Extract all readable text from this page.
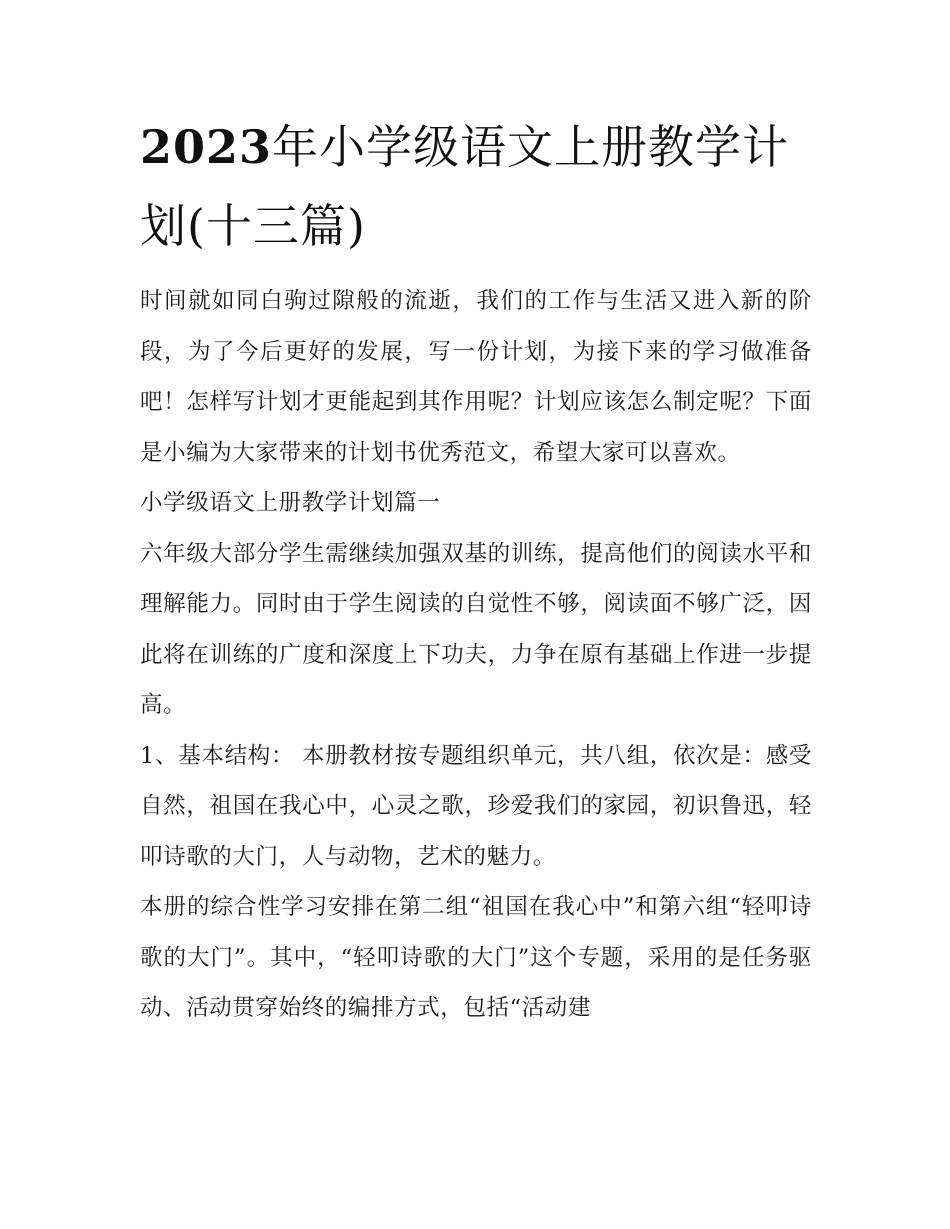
2023年小学级语文上册教学计划(十三篇)

时间就如同白驹过隙般的流逝，我们的工作与生活又进入新的阶段，为了今后更好的发展，写一份计划，为接下来的学习做准备吧！怎样写计划才更能起到其作用呢？计划应该怎么制定呢？下面是小编为大家带来的计划书优秀范文，希望大家可以喜欢。

小学级语文上册教学计划篇一

六年级大部分学生需继续加强双基的训练，提高他们的阅读水平和理解能力。同时由于学生阅读的自觉性不够，阅读面不够广泛，因此将在训练的广度和深度上下功夫，力争在原有基础上作进一步提高。

1、基本结构： 本册教材按专题组织单元，共八组，依次是：感受自然，祖国在我心中，心灵之歌，珍爱我们的家园，初识鲁迅，轻叩诗歌的大门，人与动物，艺术的魅力。

本册的综合性学习安排在第二组“祖国在我心中”和第六组“轻叩诗歌的大门”。其中，“轻叩诗歌的大门”这个专题，采用的是任务驱动、活动贯穿始终的编排方式，包括“活动建
